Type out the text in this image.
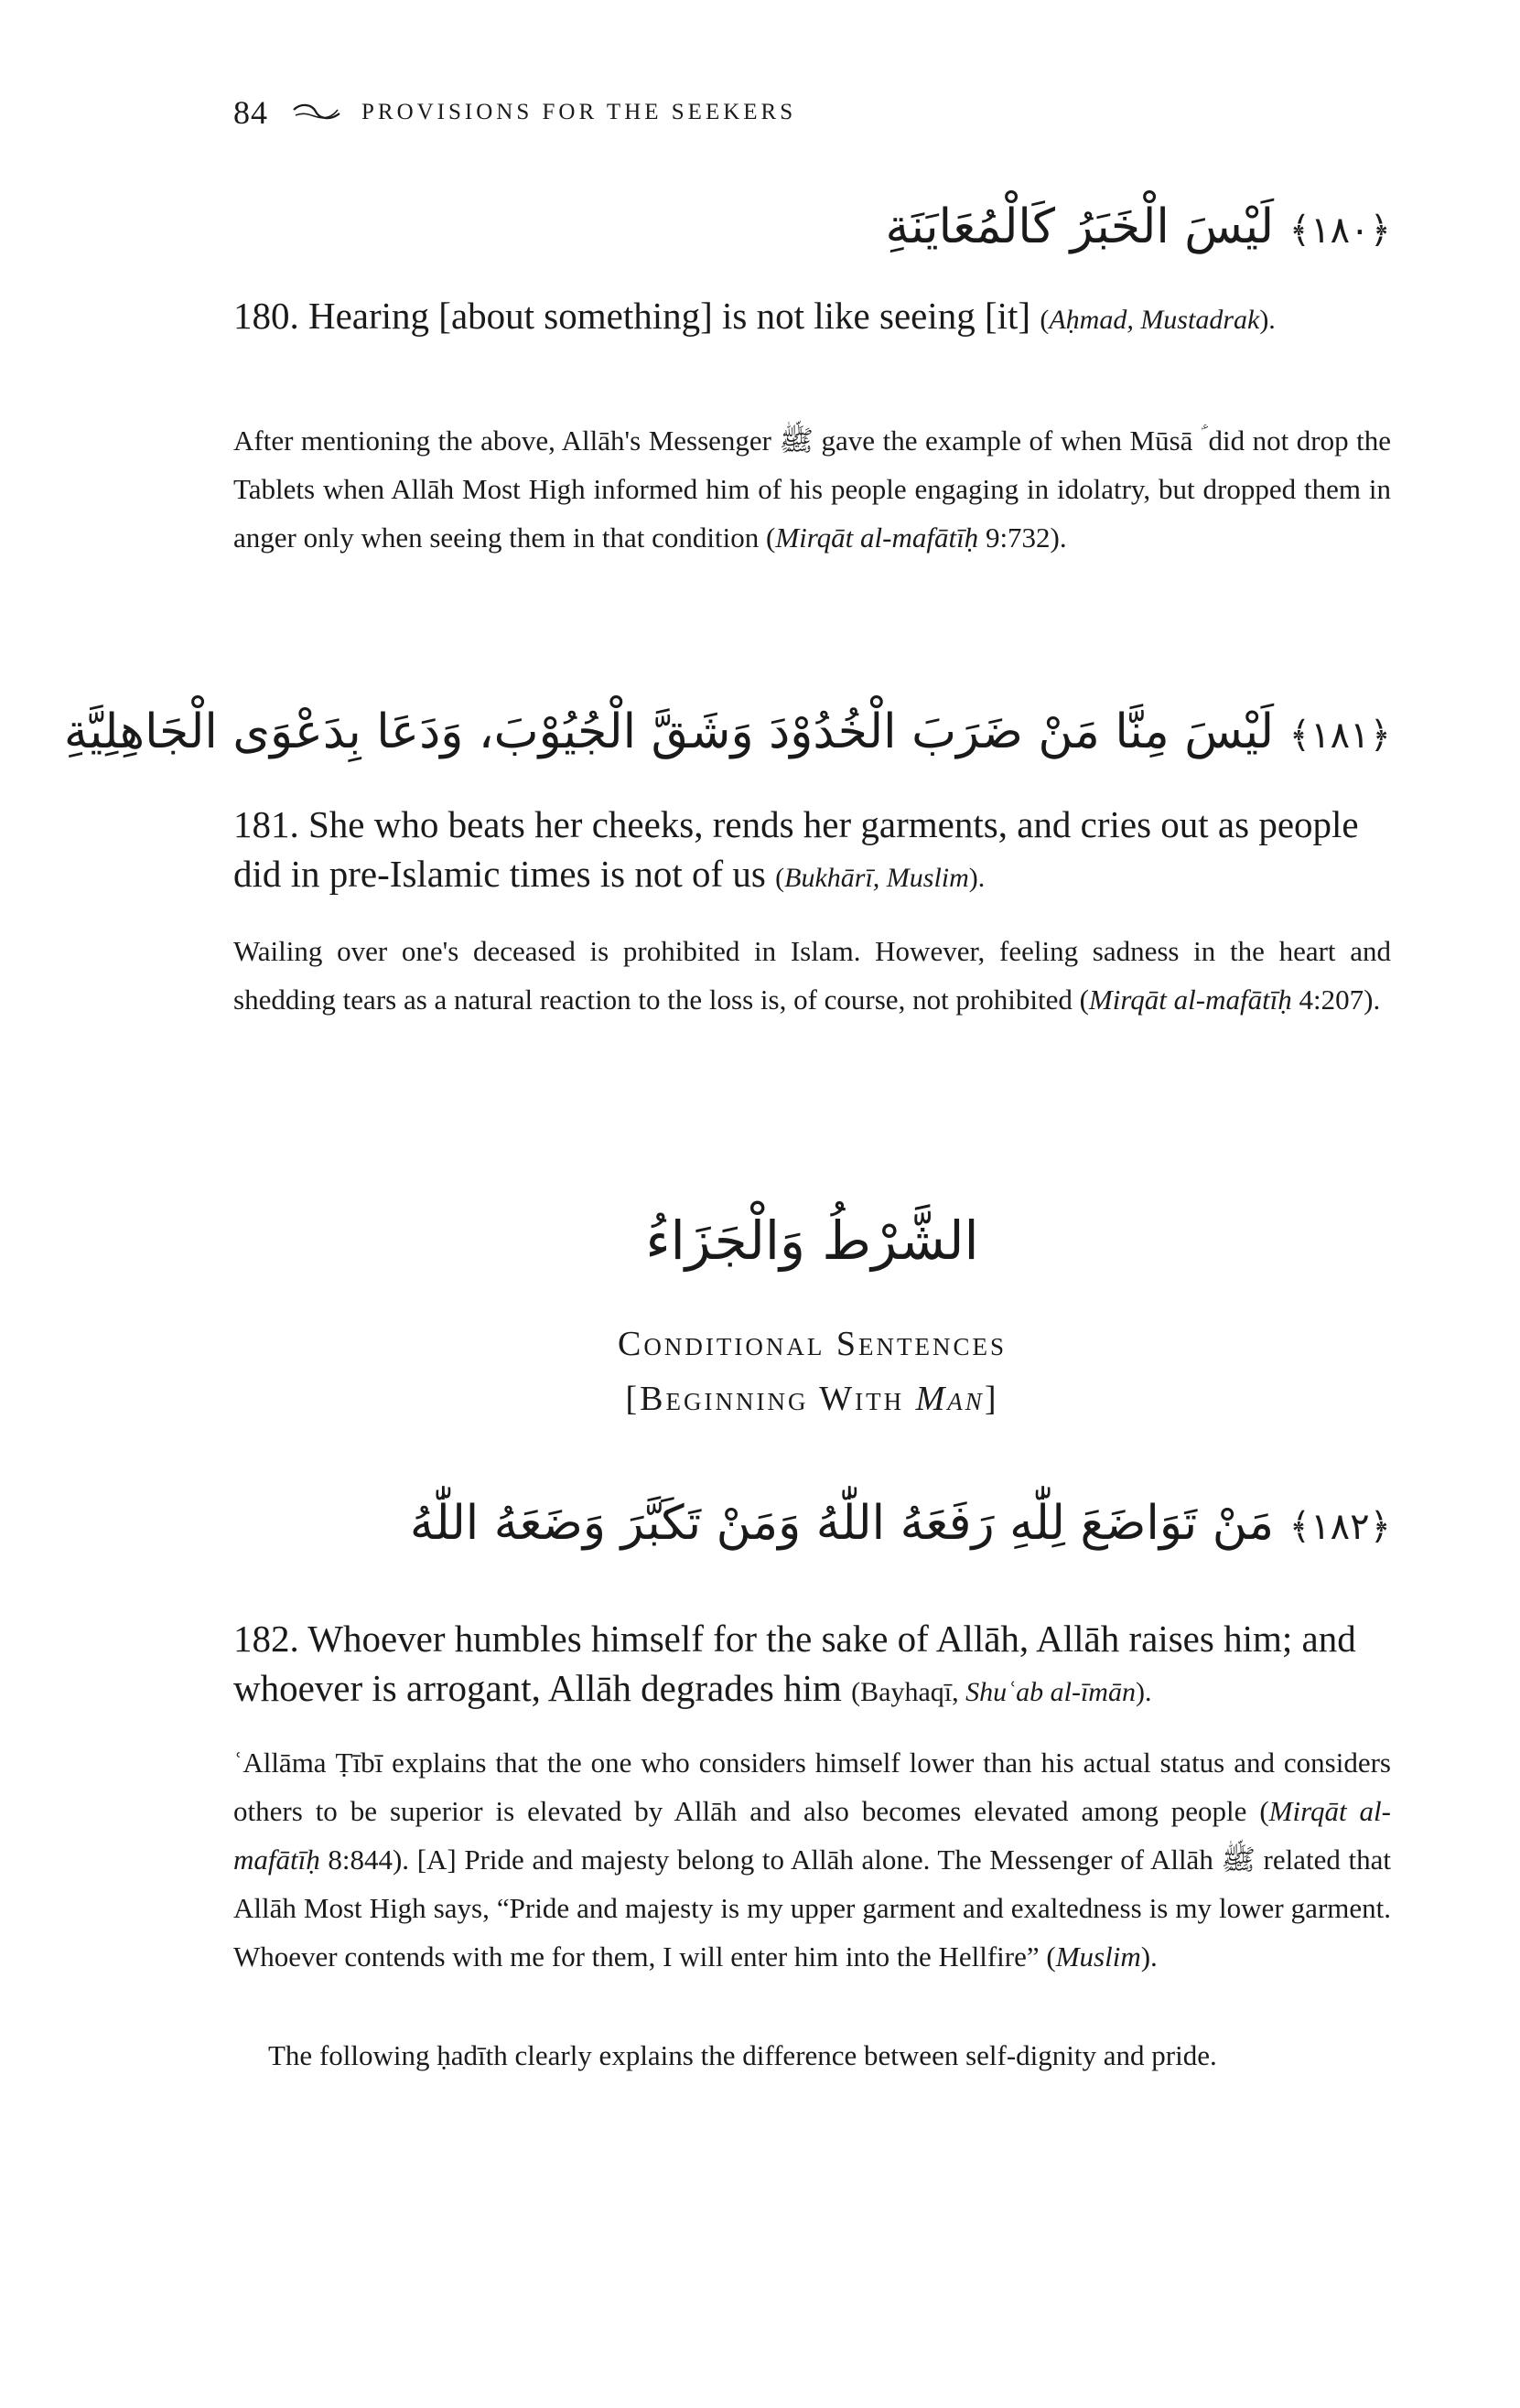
84	PROVISIONS FOR THE SEEKERS
﴿١٨٠﴾ لَيْسَ الْخَبَرُ كَالْمُعَايَنَةِ
180. Hearing [about something] is not like seeing [it] (Aḥmad, Mustadrak).
After mentioning the above, Allāh's Messenger ﷺ gave the example of when Mūsā ؑ did not drop the Tablets when Allāh Most High informed him of his people engaging in idolatry, but dropped them in anger only when seeing them in that condition (Mirqāt al-mafātīḥ 9:732).
﴿١٨١﴾ لَيْسَ مِنَّا مَنْ ضَرَبَ الْخُدُوْدَ وَشَقَّ الْجُيُوْبَ، وَدَعَا بِدَعْوَى الْجَاهِلِيَّةِ
181. She who beats her cheeks, rends her garments, and cries out as people did in pre-Islamic times is not of us (Bukhārī, Muslim).
Wailing over one's deceased is prohibited in Islam. However, feeling sadness in the heart and shedding tears as a natural reaction to the loss is, of course, not prohibited (Mirqāt al-mafātīḥ 4:207).
الشَّرْطُ وَالْجَزَاءُ
Conditional Sentences
[Beginning With Man]
﴿١٨٢﴾ مَنْ تَوَاضَعَ لِلّٰهِ رَفَعَهُ اللّٰهُ وَمَنْ تَكَبَّرَ وَضَعَهُ اللّٰهُ
182. Whoever humbles himself for the sake of Allāh, Allāh raises him; and whoever is arrogant, Allāh degrades him (Bayhaqī, Shuʿab al-īmān).
ʿAllāma Ṭībī explains that the one who considers himself lower than his actual status and considers others to be superior is elevated by Allāh and also becomes elevated among people (Mirqāt al-mafātīḥ 8:844). [A] Pride and majesty belong to Allāh alone. The Messenger of Allāh ﷺ related that Allāh Most High says, “Pride and majesty is my upper garment and exaltedness is my lower garment. Whoever contends with me for them, I will enter him into the Hellfire” (Muslim).
The following ḥadīth clearly explains the difference between self-dignity and pride.
